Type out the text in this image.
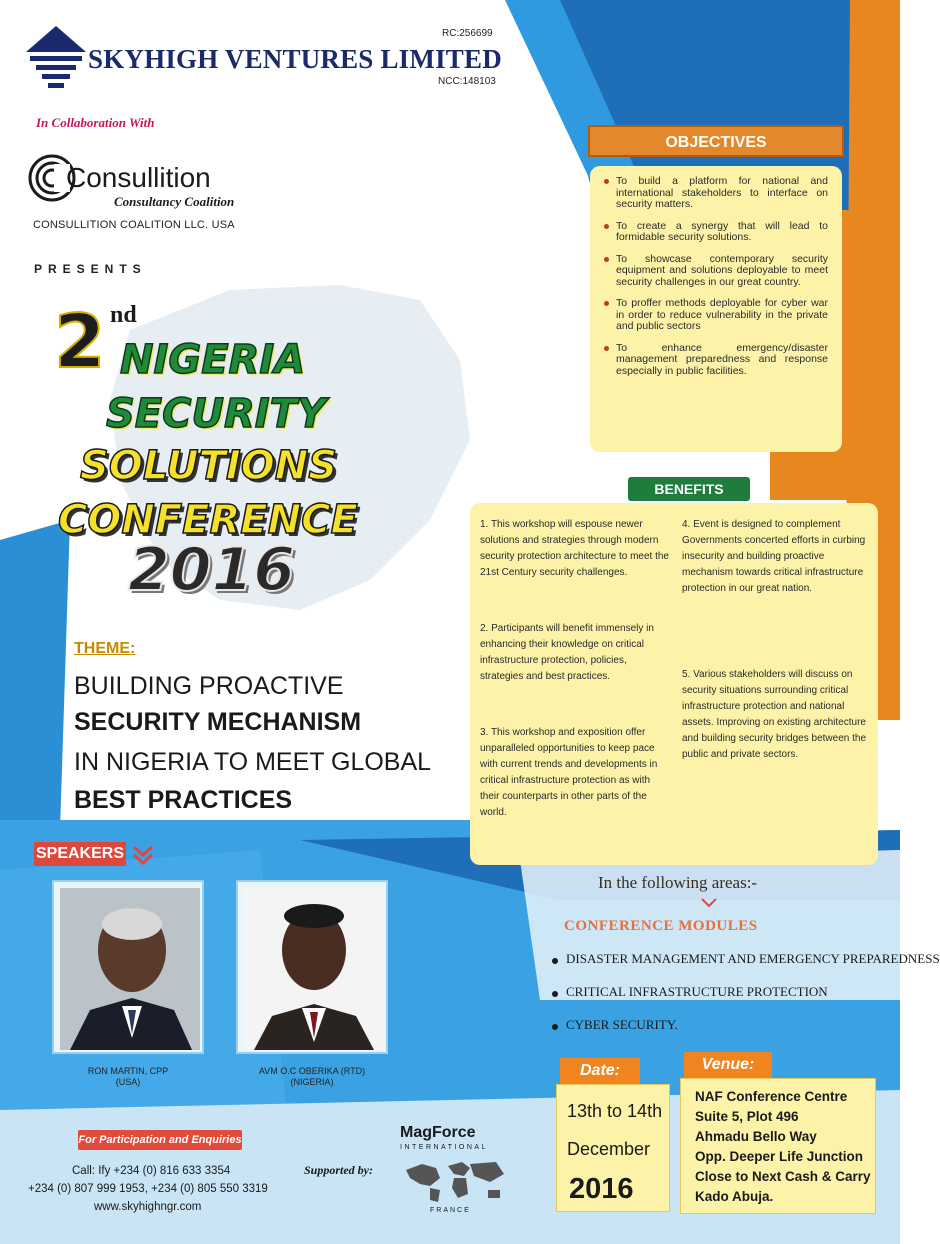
SKYHIGH VENTURES LIMITED
RC:256699
NCC:148103
In Collaboration With
Consullition
Consultancy Coalition
CONSULLITION COALITION LLC. USA
PRESENTS
2 nd
NIGERIA
SECURITY
SOLUTIONS
CONFERENCE
2016
THEME:
BUILDING PROACTIVE
SECURITY MECHANISM
IN NIGERIA TO MEET GLOBAL
BEST PRACTICES
OBJECTIVES
To build a platform for national and international stakeholders to interface on security matters.
To create a synergy that will lead to formidable security solutions.
To showcase contemporary security equipment and solutions deployable to meet security challenges in our great country.
To proffer methods deployable for cyber war in order to reduce vulnerability in the private and public sectors
To enhance emergency/disaster management preparedness and response especially in public facilities.
1. This workshop will espouse newer solutions and strategies through modern security protection architecture to meet the 21st Century security challenges.
2. Participants will benefit immensely in enhancing their knowledge on critical infrastructure protection, policies, strategies and best practices.
3. This workshop and exposition offer unparalleled opportunities to keep pace with current trends and developments in critical infrastructure protection as with their counterparts in other parts of the world.
4. Event is designed to complement Governments concerted efforts in curbing insecurity and building proactive mechanism towards critical infrastructure protection in our great nation.
5. Various stakeholders will discuss on security situations surrounding critical infrastructure protection and national assets. Improving on existing architecture and building security bridges between the public and private sectors.
BENEFITS
SPEAKERS
RON MARTIN, CPP
(USA)
AVM O.C OBERIKA (RTD)
(NIGERIA)
In the following areas:-
CONFERENCE MODULES
DISASTER MANAGEMENT AND EMERGENCY PREPAREDNESS
CRITICAL INFRASTRUCTURE PROTECTION
CYBER SECURITY.
13th to 14th
December
2016
Date:
NAF Conference Centre
Suite 5, Plot 496
Ahmadu Bello Way
Opp. Deeper Life Junction
Close to Next Cash & Carry
Kado Abuja.
Venue:
For Participation and Enquiries
Call: Ify +234 (0) 816 633 3354
+234 (0) 807 999 1953, +234 (0) 805 550 3319
www.skyhighngr.com
Supported by:
MagForce
INTERNATIONAL
FRANCE
